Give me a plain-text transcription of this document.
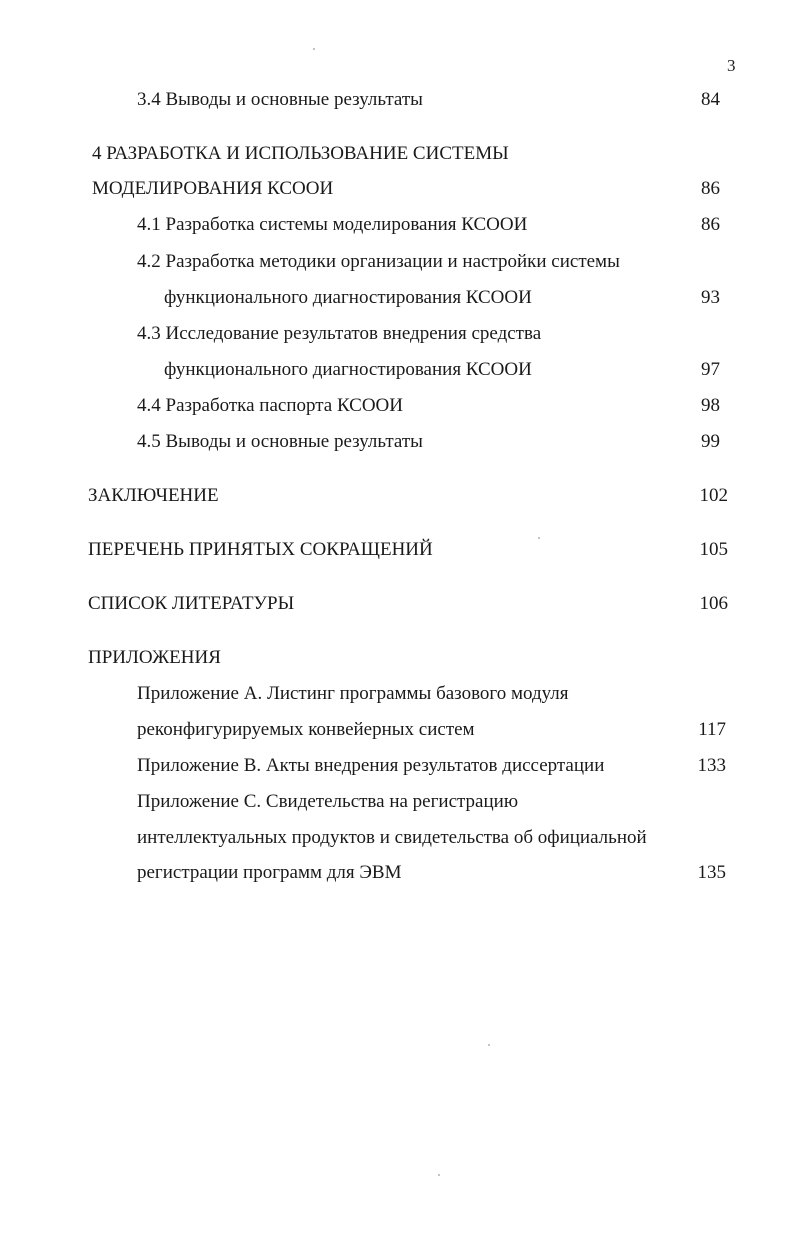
3
3.4 Выводы и основные результаты	84
4 РАЗРАБОТКА И ИСПОЛЬЗОВАНИЕ СИСТЕМЫ
МОДЕЛИРОВАНИЯ КСООИ	86
4.1 Разработка системы моделирования КСООИ	86
4.2 Разработка методики организации и настройки системы
функционального диагностирования КСООИ	93
4.3 Исследование результатов внедрения средства
функционального диагностирования КСООИ	97
4.4 Разработка паспорта КСООИ	98
4.5 Выводы и основные результаты	99
ЗАКЛЮЧЕНИЕ	102
ПЕРЕЧЕНЬ ПРИНЯТЫХ СОКРАЩЕНИЙ	105
СПИСОК ЛИТЕРАТУРЫ	106
ПРИЛОЖЕНИЯ
Приложение А. Листинг программы базового модуля
реконфигурируемых конвейерных систем	117
Приложение В. Акты внедрения результатов диссертации	133
Приложение С. Свидетельства на регистрацию
интеллектуальных продуктов и свидетельства об официальной
регистрации программ для ЭВМ	135
